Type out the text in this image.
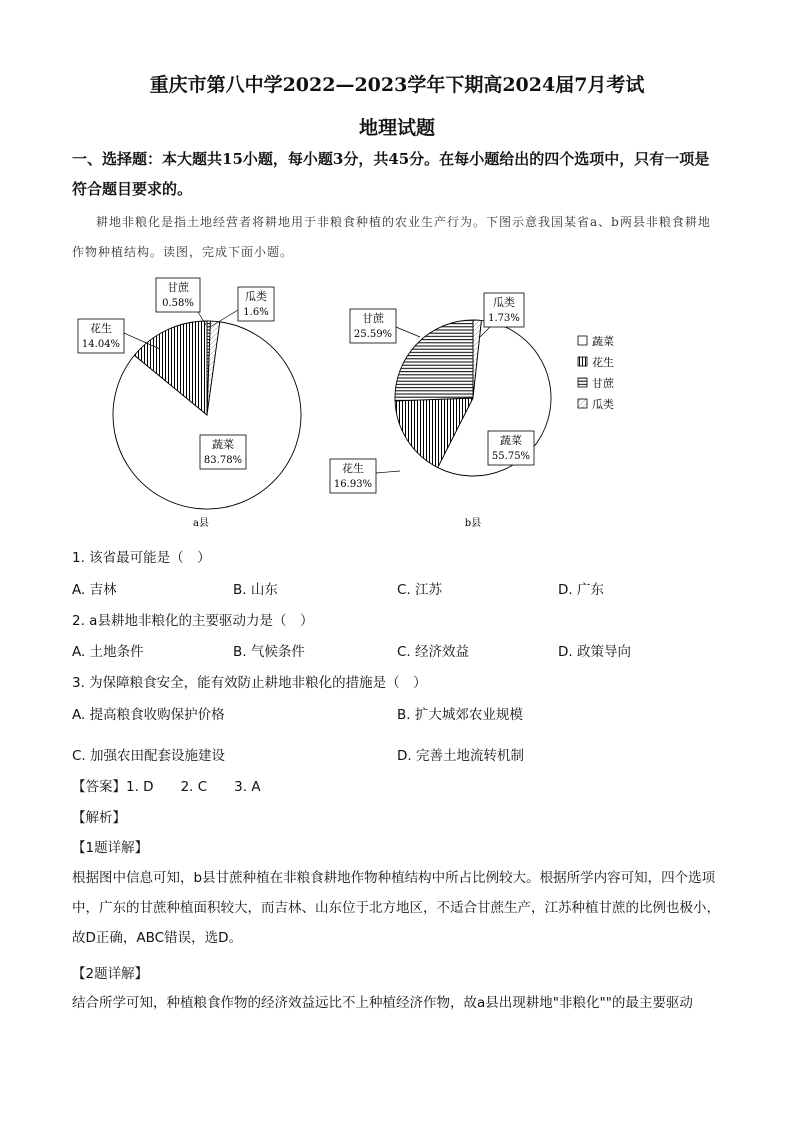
重庆市第八中学2022—2023学年下期高2024届7月考试
地理试题
一、选择题：本大题共15小题，每小题3分，共45分。在每小题给出的四个选项中，只有一项是符合题目要求的。
耕地非粮化是指土地经营者将耕地用于非粮食种植的农业生产行为。下图示意我国某省a、b两县非粮食耕地作物种植结构。读图，完成下面小题。
甘蔗
0.58%
瓜类
1.6%
花生
14.04%
蔬菜
83.78%
a县
甘蔗
25.59%
瓜类
1.73%
蔬菜
55.75%
花生
16.93%
b县
蔬菜
花生
甘蔗
瓜类
1. 该省最可能是（　）
A. 吉林	B. 山东	C. 江苏	D. 广东
2. a县耕地非粮化的主要驱动力是（　）
A. 土地条件	B. 气候条件	C. 经济效益	D. 政策导向
3. 为保障粮食安全，能有效防止耕地非粮化的措施是（　）
A. 提高粮食收购保护价格	B. 扩大城郊农业规模
C. 加强农田配套设施建设	D. 完善土地流转机制
【答案】1. D　　2. C　　3. A
【解析】
【1题详解】
根据图中信息可知，b县甘蔗种植在非粮食耕地作物种植结构中所占比例较大。根据所学内容可知，四个选项中，广东的甘蔗种植面积较大，而吉林、山东位于北方地区，不适合甘蔗生产，江苏种植甘蔗的比例也极小，故D正确，ABC错误，选D。
【2题详解】
结合所学可知，种植粮食作物的经济效益远比不上种植经济作物，故a县出现耕地"非粮化""的最主要驱动
